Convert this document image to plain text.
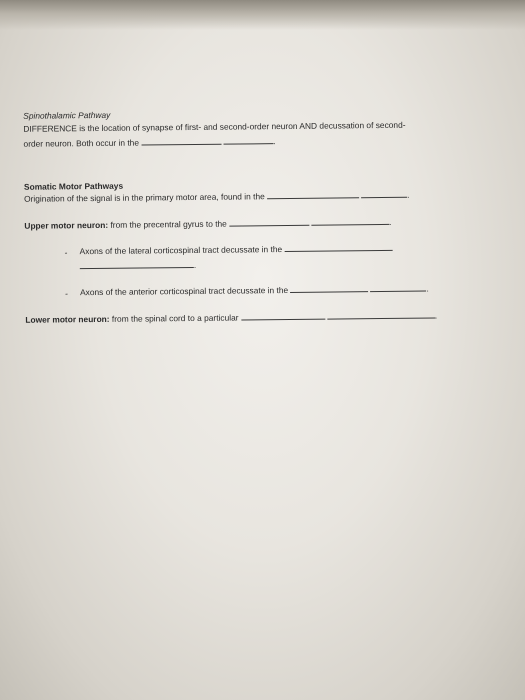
Spinothalamic Pathway
DIFFERENCE is the location of synapse of first- and second-order neuron AND decussation of second-
order neuron. Both occur in the	.
Somatic Motor Pathways
Origination of the signal is in the primary motor area, found in the	.
Upper motor neuron: from the precentral gyrus to the	.
- Axons of the lateral corticospinal tract decussate in the
.
- Axons of the anterior corticospinal tract decussate in the	.
Lower motor neuron: from the spinal cord to a particular	.
